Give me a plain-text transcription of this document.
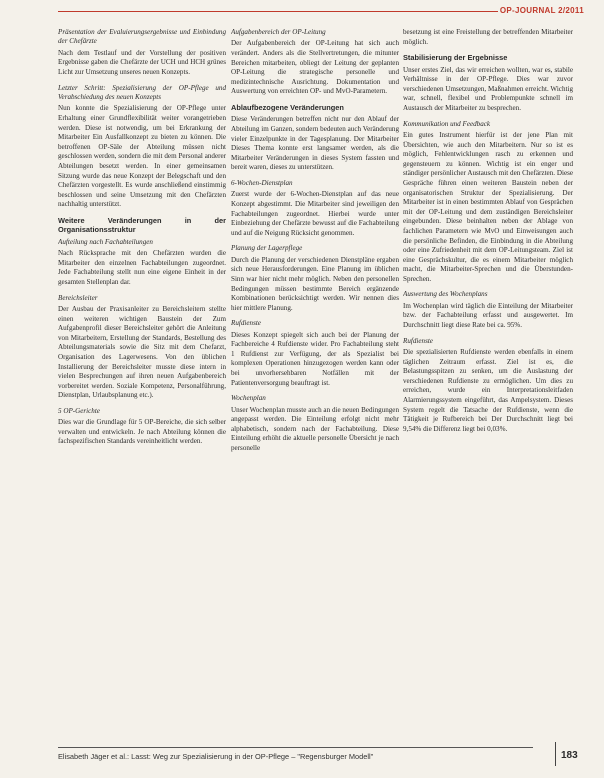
OP-JOURNAL 2/2011
Präsentation der Evaluierungsergebnisse und Einbindung der Chefärzte

Nach dem Testlauf und der Vorstellung der positiven Ergebnisse gaben die Chefärzte der UCH und HCH grünes Licht zur Umsetzung unseres neuen Konzepts.

Letzter Schritt: Spezialisierung der OP-Pflege und Verabschiedung des neuen Konzepts

Nun konnte die Spezialisierung der OP-Pflege unter Erhaltung einer Grundflexibilität weiter vorangetrieben werden. Diese ist notwendig, um bei Erkrankung der Mitarbeiter Ein Ausfallkonzept zu bieten zu können. Die betroffenen OP-Säle der Abteilung müssen nicht geschlossen werden, sondern die mit dem Personal anderer Abteilungen besetzt werden. In einer gemeinsamen Sitzung wurde das neue Konzept der Belegschaft und den Chefärzten vorgestellt. Es wurde anschließend einstimmig beschlossen und seine Umsetzung mit den Chefärzten nachhaltig unterstützt.

Weitere Veränderungen in der Organisationsstruktur
Aufteilung nach Fachabteilungen

Nach Rücksprache mit den Chefärzten wurden die Mitarbeiter den einzelnen Fachabteilungen zugeordnet. Jede Fachabteilung stellt nun eine eigene Einheit in der gesamten Stellenplan dar.

Bereichsleiter

Der Ausbau der Praxisanleiter zu Bereichsleitern stellte einen weiteren wichtigen Baustein der Zum Aufgabenprofil dieser Bereichsleiter gehört die Anleitung von Mitarbeitern, Erstellung der Standards, Bestellung des Abteilungsmaterials sowie die Sitz mit dem Chefarzt, Organisation des Lagerwesens. Von den üblichen Installierung der Bereichsleiter musste diese intern in vielen Besprechungen auf ihren neuen Aufgabenbereich vorbereitet werden. Soziale Kompetenz, Personalführung, Dienstplan, Urlaubsplanung etc.).

5 OP-Gerichte

Dies war die Grundlage für 5 OP-Bereiche, die sich selber verwalten und entwickeln. Je nach Abteilung können die fachspezifischen Standards vereinheitlicht werden.

Aufgabenbereich der OP-Leitung

Der Aufgabenbereich der OP-Leitung hat sich auch verändert. Anders als die Stellvertretungen, die mitunter Bereichen mitarbeiten, obliegt der Leitung der geplanten OP-Leitung die strategische personelle und medizintechnische Ausrichtung. Dokumentation und Auswertung von erreichten OP- und MvO-Parametern.

Ablaufbezogene Veränderungen

Diese Veränderungen betreffen nicht nur den Ablauf der Abteilung im Ganzen, sondern bedeuten auch Veränderung vieler Einzelpunkte in der Tagesplanung. Der Mitarbeiter Dieses Thema konnte erst langsamer werden, als die Mitarbeiter Veränderungen in dieses System fassten und bereit waren, dieses zu unterstützen.

6-Wochen-Dienstplan

Zuerst wurde der 6-Wochen-Dienstplan auf das neue Konzept abgestimmt. Die Mitarbeiter sind jeweiligen den Fachabteilungen zugeordnet. Hierbei wurde unter Einbeziehung der Chefärzte bewusst auf die Fachabteilung und auf die Neigung Rücksicht genommen.

Planung der Lagerpflege

Durch die Planung der verschiedenen Dienstpläne ergaben sich neue Herausforderungen. Eine Planung im üblichen Sinn war hier nicht mehr möglich. Neben den personellen Bedingungen müssen bestimmte Bereich ergänzende Kombinationen berücksichtigt werden. Wir nennen dies hier mittlere Planung.

Rufdienste

Dieses Konzept spiegelt sich auch bei der Planung der Fachbereiche 4 Rufdienste wider. Pro Fachabteilung steht 1 Rufdienst zur Verfügung, der als Spezialist bei komplexen Operationen hinzugezogen werden kann oder bei unvorhersehbaren Notfällen mit der Patientenversorgung beauftragt ist.

Wochenplan

Unser Wochenplan musste auch an die neuen Bedingungen angepasst werden. Die Einteilung erfolgt nicht mehr alphabetisch, sondern nach der Fachabteilung. Diese Einteilung erhöht die aktuelle personelle Übersicht je nach personelle

besetzung ist eine Freistellung der betreffenden Mitarbeiter möglich.

Stabilisierung der Ergebnisse

Unser erstes Ziel, das wir erreichen wollten, war es, stabile Verhältnisse in der OP-Pflege. Dies war zuvor verschiedenen Umsetzungen, Maßnahmen erreicht. Wichtig war, schnell, flexibel und Problempunkte schnell im Austausch der Mitarbeiter zu besprechen.

Kommunikation und Feedback

Ein gutes Instrument hierfür ist der jene Plan mit Übersichten, wie auch den Mitarbeitern. Nur so ist es möglich, Fehlentwicklungen rasch zu erkennen und gegensteuern zu können. Wichtig ist ein enger und ständiger persönlicher Austausch mit den Chefärzten. Diese Gespräche führen einen weiteren Baustein neben der organisatorischen Struktur der Spezialisierung. Der Mitarbeiter ist in einen bestimmten Ablauf von Gesprächen mit der OP-Leitung und dem zuständigen Bereichsleiter eingebunden. Diese beinhalten neben der Ablage von fachlichen Parametern wie MvO und Einweisungen auch die persönliche Befinden, die Einbindung in die Abteilung oder eine Zufriedenheit mit dem OP-Leitungsteam. Ziel ist eine Gesprächskultur, die es einem Mitarbeiter möglich macht, die Mitarbeiter-Sprechen und die Überstunden-Sprechen.

Auswertung des Wochenplans

Im Wochenplan wird täglich die Einteilung der Mitarbeiter bzw. der Fachabteilung erfasst und ausgewertet. Im Durchschnitt liegt diese Rate bei ca. 95%.

Rufdienste

Die spezialisierten Rufdienste werden ebenfalls in einem täglichen Zeitraum erfasst. Ziel ist es, die Belastungsspitzen zu senken, um die Auslastung der verschiedenen Rufdienste zu ermöglichen. Um dies zu erreichen, wurde ein Interpretationsleitfaden Alarmierungssystem eingeführt, das Ampelsystem. Dieses System regelt die Tatsache der Rufdienste, wenn die Tätigkeit je Rufbereich bei Der Durchschnitt liegt bei 9,54% die Differenz liegt bei 0,03%.

Elisabeth Jäger et al.: Lasst: Weg zur Spezialisierung in der OP-Pflege – "Regensburger Modell"	183
